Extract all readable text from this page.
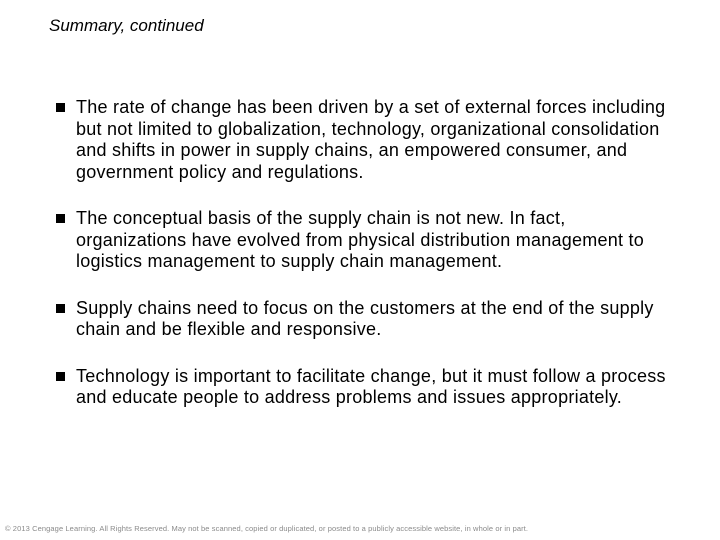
Summary, continued
The rate of change has been driven by a set of external forces including but not limited to globalization, technology, organizational consolidation and shifts in power in supply chains, an empowered consumer, and government policy and regulations.
The conceptual basis of the supply chain is not new. In fact, organizations have evolved from physical distribution management to logistics management to supply chain management.
Supply chains need to focus on the customers at the end of the supply chain and be flexible and responsive.
Technology is important to facilitate change, but it must follow a process and educate people to address problems and issues appropriately.
© 2013 Cengage Learning. All Rights Reserved. May not be scanned, copied or duplicated, or posted to a publicly accessible website, in whole or in part.
